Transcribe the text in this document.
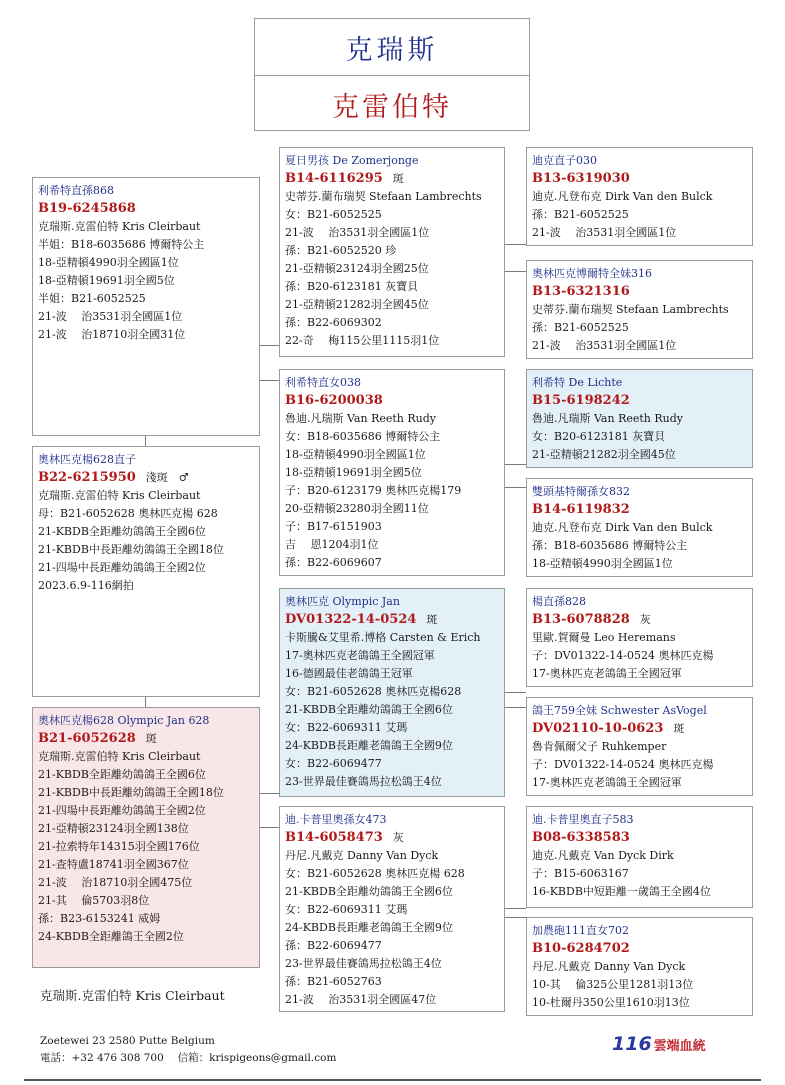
克瑞斯
克雷伯特
利希特直孫868
B19-6245868
克瑞斯.克雷伯特 Kris Cleirbaut
半姐：B18-6035686 博爾特公主
18-亞精頓4990羽全國區1位
18-亞精頓19691羽全國5位
半姐：B21-6052525
21-波　 治3531羽全國區1位
21-波　 治18710羽全國31位
奧林匹克楊628直子
B22-6215950 淺斑　♂
克瑞斯.克雷伯特 Kris Cleirbaut
母：B21-6052628 奧林匹克楊 628
21-KBDB全距離幼鴿鴿王全國6位
21-KBDB中長距離幼鴿鴿王全國18位
21-四場中長距離幼鴿鴿王全國2位
2023.6.9-116網拍
奧林匹克楊628 Olympic Jan 628
B21-6052628 斑
克瑞斯.克雷伯特 Kris Cleirbaut
21-KBDB全距離幼鴿鴿王全國6位
21-KBDB中長距離幼鴿鴿王全國18位
21-四場中長距離幼鴿鴿王全國2位
21-亞精頓23124羽全國138位
21-拉索特年14315羽全國176位
21-查特盧18741羽全國367位
21-波　 治18710羽全國475位
21-其　 倫5703羽8位
孫：B23-6153241 威姆
24-KBDB全距離鴿王全國2位
夏日男孩 De Zomerjonge
B14-6116295 斑
史蒂芬.蘭布瑞契 Stefaan Lambrechts
女：B21-6052525
21-波　 治3531羽全國區1位
孫：B21-6052520 珍
21-亞精頓23124羽全國25位
孫：B20-6123181 灰寶貝
21-亞精頓21282羽全國45位
孫：B22-6069302
22-奇　 梅115公里1115羽1位
利希特直女038
B16-6200038
魯迪.凡瑞斯 Van Reeth Rudy
女：B18-6035686 博爾特公主
18-亞精頓4990羽全國區1位
18-亞精頓19691羽全國5位
子：B20-6123179 奧林匹克楊179
20-亞精頓23280羽全國11位
子：B17-6151903
吉　 恩1204羽1位
孫：B22-6069607
奧林匹克 Olympic Jan
DV01322-14-0524 斑
卡斯騰&艾里希.博格 Carsten & Erich
17-奧林匹克老鴿鴿王全國冠軍
16-德國最佳老鴿鴿王冠軍
女：B21-6052628 奧林匹克楊628
21-KBDB全距離幼鴿鴿王全國6位
女：B22-6069311 艾瑪
24-KBDB長距離老鴿鴿王全國9位
女：B22-6069477
23-世界最佳賽鴿馬拉松鴿王4位
迪.卡普里奧孫女473
B14-6058473 灰
丹尼.凡戴克 Danny Van Dyck
女：B21-6052628 奧林匹克楊 628
21-KBDB全距離幼鴿鴿王全國6位
女：B22-6069311 艾瑪
24-KBDB長距離老鴿鴿王全國9位
孫：B22-6069477
23-世界最佳賽鴿馬拉松鴿王4位
孫：B21-6052763
21-波　 治3531羽全國區47位
迪克直子030
B13-6319030
迪克.凡登布克 Dirk Van den Bulck
孫：B21-6052525
21-波　 治3531羽全國區1位
奧林匹克博爾特全妹316
B13-6321316
史蒂芬.蘭布瑞契 Stefaan Lambrechts
孫：B21-6052525
21-波　 治3531羽全國區1位
利希特 De Lichte
B15-6198242
魯迪.凡瑞斯 Van Reeth Rudy
女：B20-6123181 灰寶貝
21-亞精頓21282羽全國45位
雙頭基特爾孫女832
B14-6119832
迪克.凡登布克 Dirk Van den Bulck
孫：B18-6035686 博爾特公主
18-亞精頓4990羽全國區1位
楊直孫828
B13-6078828 灰
里歐.賀爾曼 Leo Heremans
子：DV01322-14-0524 奧林匹克楊
17-奧林匹克老鴿鴿王全國冠軍
鴿王759全妹 Schwester AsVogel
DV02110-10-0623 斑
魯肯佩爾父子 Ruhkemper
子：DV01322-14-0524 奧林匹克楊
17-奧林匹克老鴿鴿王全國冠軍
迪.卡普里奧直子583
B08-6338583
迪克.凡戴克 Van Dyck Dirk
子：B15-6063167
16-KBDB中短距離一歲鴿王全國4位
加農砲111直女702
B10-6284702
丹尼.凡戴克 Danny Van Dyck
10-其　 倫325公里1281羽13位
10-杜爾丹350公里1610羽13位
克瑞斯.克雷伯特 Kris Cleirbaut
Zoetewei 23 2580 Putte Belgium
電話：+32 476 308 700　 信箱：krispigeons@gmail.com
116 雲端血統
